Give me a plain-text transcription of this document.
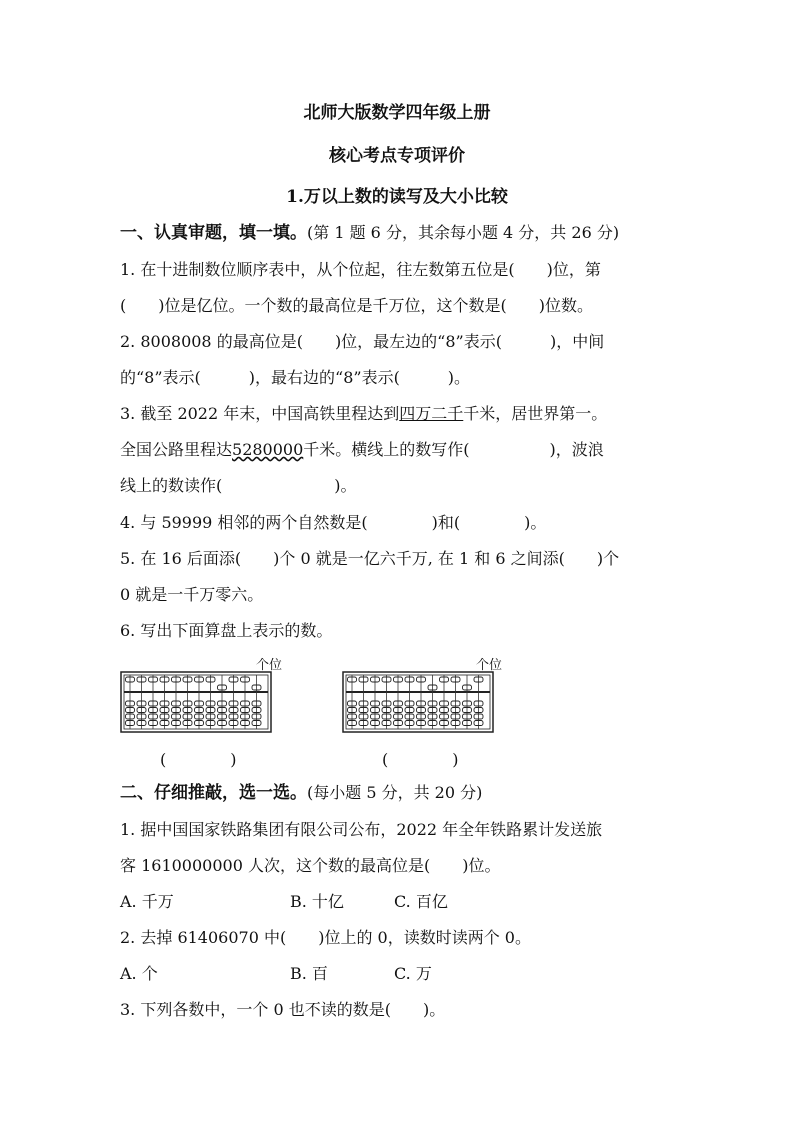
北师大版数学四年级上册
核心考点专项评价
1.万以上数的读写及大小比较
一、认真审题，填一填。(第 1 题 6 分，其余每小题 4 分，共 26 分)
1. 在十进制数位顺序表中，从个位起，往左数第五位是(　　)位，第
(　　)位是亿位。一个数的最高位是千万位，这个数是(　　)位数。
2. 8008008 的最高位是(　　)位，最左边的“8”表示(　　　)，中间
的“8”表示(　　　)，最右边的“8”表示(　　　)。
3. 截至 2022 年末，中国高铁里程达到四万二千千米，居世界第一。
全国公路里程达5280000千米。横线上的数写作(　　　　　)，波浪
线上的数读作(　　　　　　　)。
4. 与 59999 相邻的两个自然数是(　　　　)和(　　　　)。
5. 在 16 后面添(　　)个 0 就是一亿六千万, 在 1 和 6 之间添(　　)个
0 就是一千万零六。
6. 写出下面算盘上表示的数。
个位	个位
(　　　　)	(　　　　)
二、仔细推敲，选一选。(每小题 5 分，共 20 分)
1. 据中国国家铁路集团有限公司公布，2022 年全年铁路累计发送旅
客 1610000000 人次，这个数的最高位是(　　)位。
A. 千万	B. 十亿	C. 百亿
2. 去掉 61406070 中(　　)位上的 0，读数时读两个 0。
A. 个	B. 百	C. 万
3. 下列各数中，一个 0 也不读的数是(　　)。
